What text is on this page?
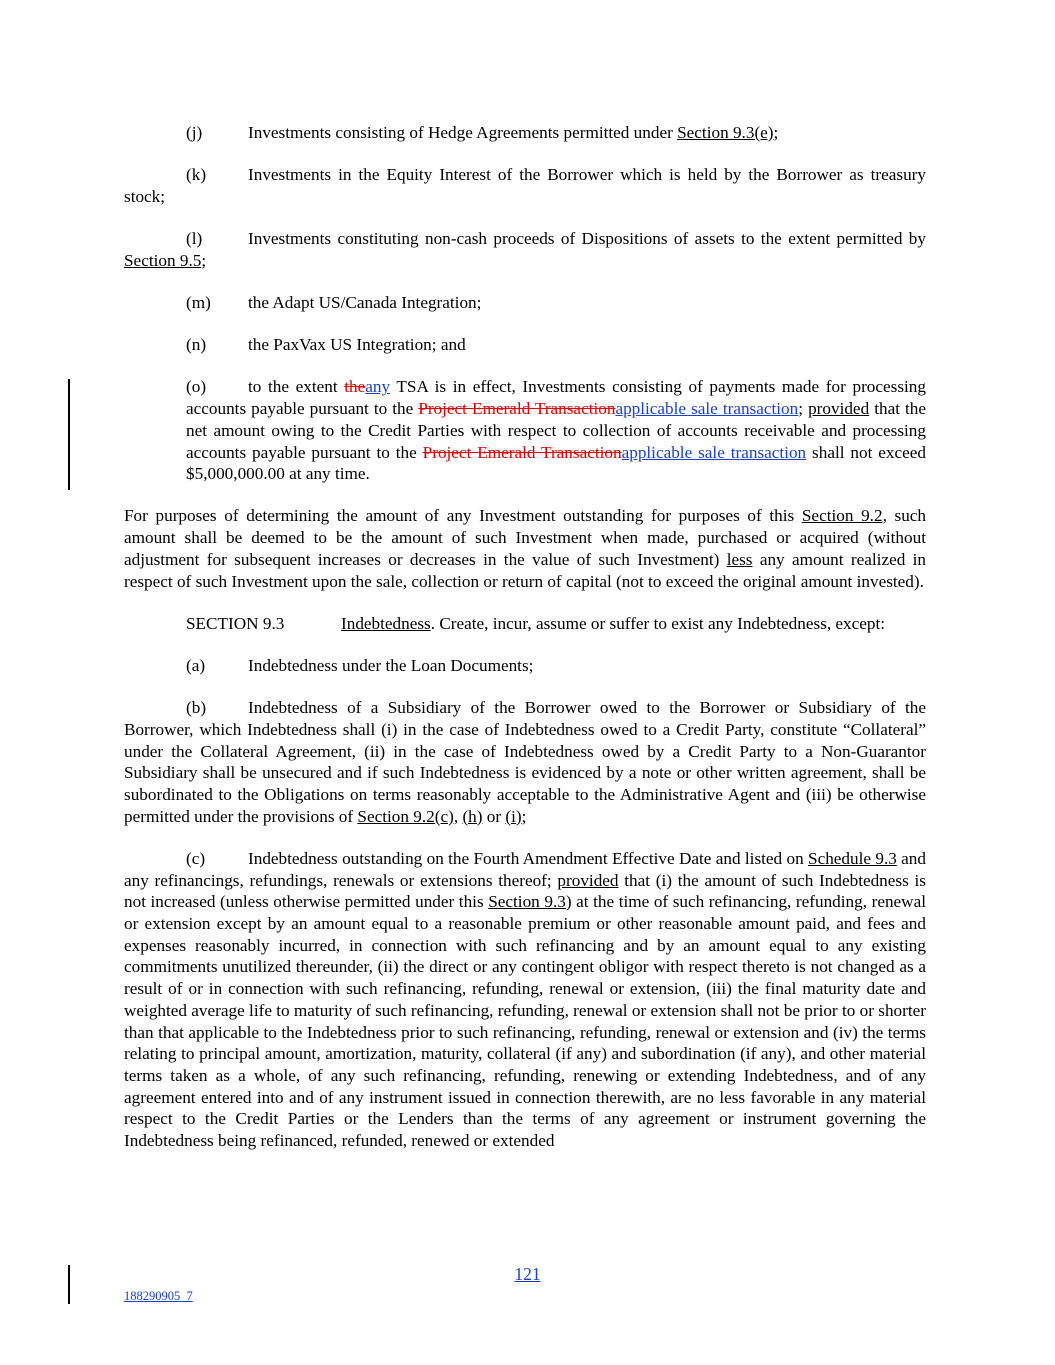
(j)	Investments consisting of Hedge Agreements permitted under Section 9.3(e);

(k) Investments in the Equity Interest of the Borrower which is held by the Borrower as treasury stock;

(l)	Investments constituting non-cash proceeds of Dispositions of assets to the extent permitted by Section 9.5;

(m) the Adapt US/Canada Integration;

(n) the PaxVax US Integration; and

(o) to the extent theany TSA is in effect, Investments consisting of payments made for processing accounts payable pursuant to the Project Emerald Transactionapplicable sale transaction; provided that the net amount owing to the Credit Parties with respect to collection of accounts receivable and processing accounts payable pursuant to the Project Emerald Transactionapplicable sale transaction shall not exceed $5,000,000.00 at any time.

For purposes of determining the amount of any Investment outstanding for purposes of this Section 9.2, such amount shall be deemed to be the amount of such Investment when made, purchased or acquired (without adjustment for subsequent increases or decreases in the value of such Investment) less any amount realized in respect of such Investment upon the sale, collection or return of capital (not to exceed the original amount invested).

SECTION 9.3	Indebtedness. Create, incur, assume or suffer to exist any Indebtedness, except:

(a) Indebtedness under the Loan Documents;

(b) Indebtedness of a Subsidiary of the Borrower owed to the Borrower or Subsidiary of the Borrower, which Indebtedness shall (i) in the case of Indebtedness owed to a Credit Party, constitute “Collateral” under the Collateral Agreement, (ii) in the case of Indebtedness owed by a Credit Party to a Non-Guarantor Subsidiary shall be unsecured and if such Indebtedness is evidenced by a note or other written agreement, shall be subordinated to the Obligations on terms reasonably acceptable to the Administrative Agent and (iii) be otherwise permitted under the provisions of Section 9.2(c), (h) or (i);

(c) Indebtedness outstanding on the Fourth Amendment Effective Date and listed on Schedule 9.3 and any refinancings, refundings, renewals or extensions thereof; provided that (i) the amount of such Indebtedness is not increased (unless otherwise permitted under this Section 9.3) at the time of such refinancing, refunding, renewal or extension except by an amount equal to a reasonable premium or other reasonable amount paid, and fees and expenses reasonably incurred, in connection with such refinancing and by an amount equal to any existing commitments unutilized thereunder, (ii) the direct or any contingent obligor with respect thereto is not changed as a result of or in connection with such refinancing, refunding, renewal or extension, (iii) the final maturity date and weighted average life to maturity of such refinancing, refunding, renewal or extension shall not be prior to or shorter than that applicable to the Indebtedness prior to such refinancing, refunding, renewal or extension and (iv) the terms relating to principal amount, amortization, maturity, collateral (if any) and subordination (if any), and other material terms taken as a whole, of any such refinancing, refunding, renewing or extending Indebtedness, and of any agreement entered into and of any instrument issued in connection therewith, are no less favorable in any material respect to the Credit Parties or the Lenders than the terms of any agreement or instrument governing the Indebtedness being refinanced, refunded, renewed or extended

121
188290905_7
